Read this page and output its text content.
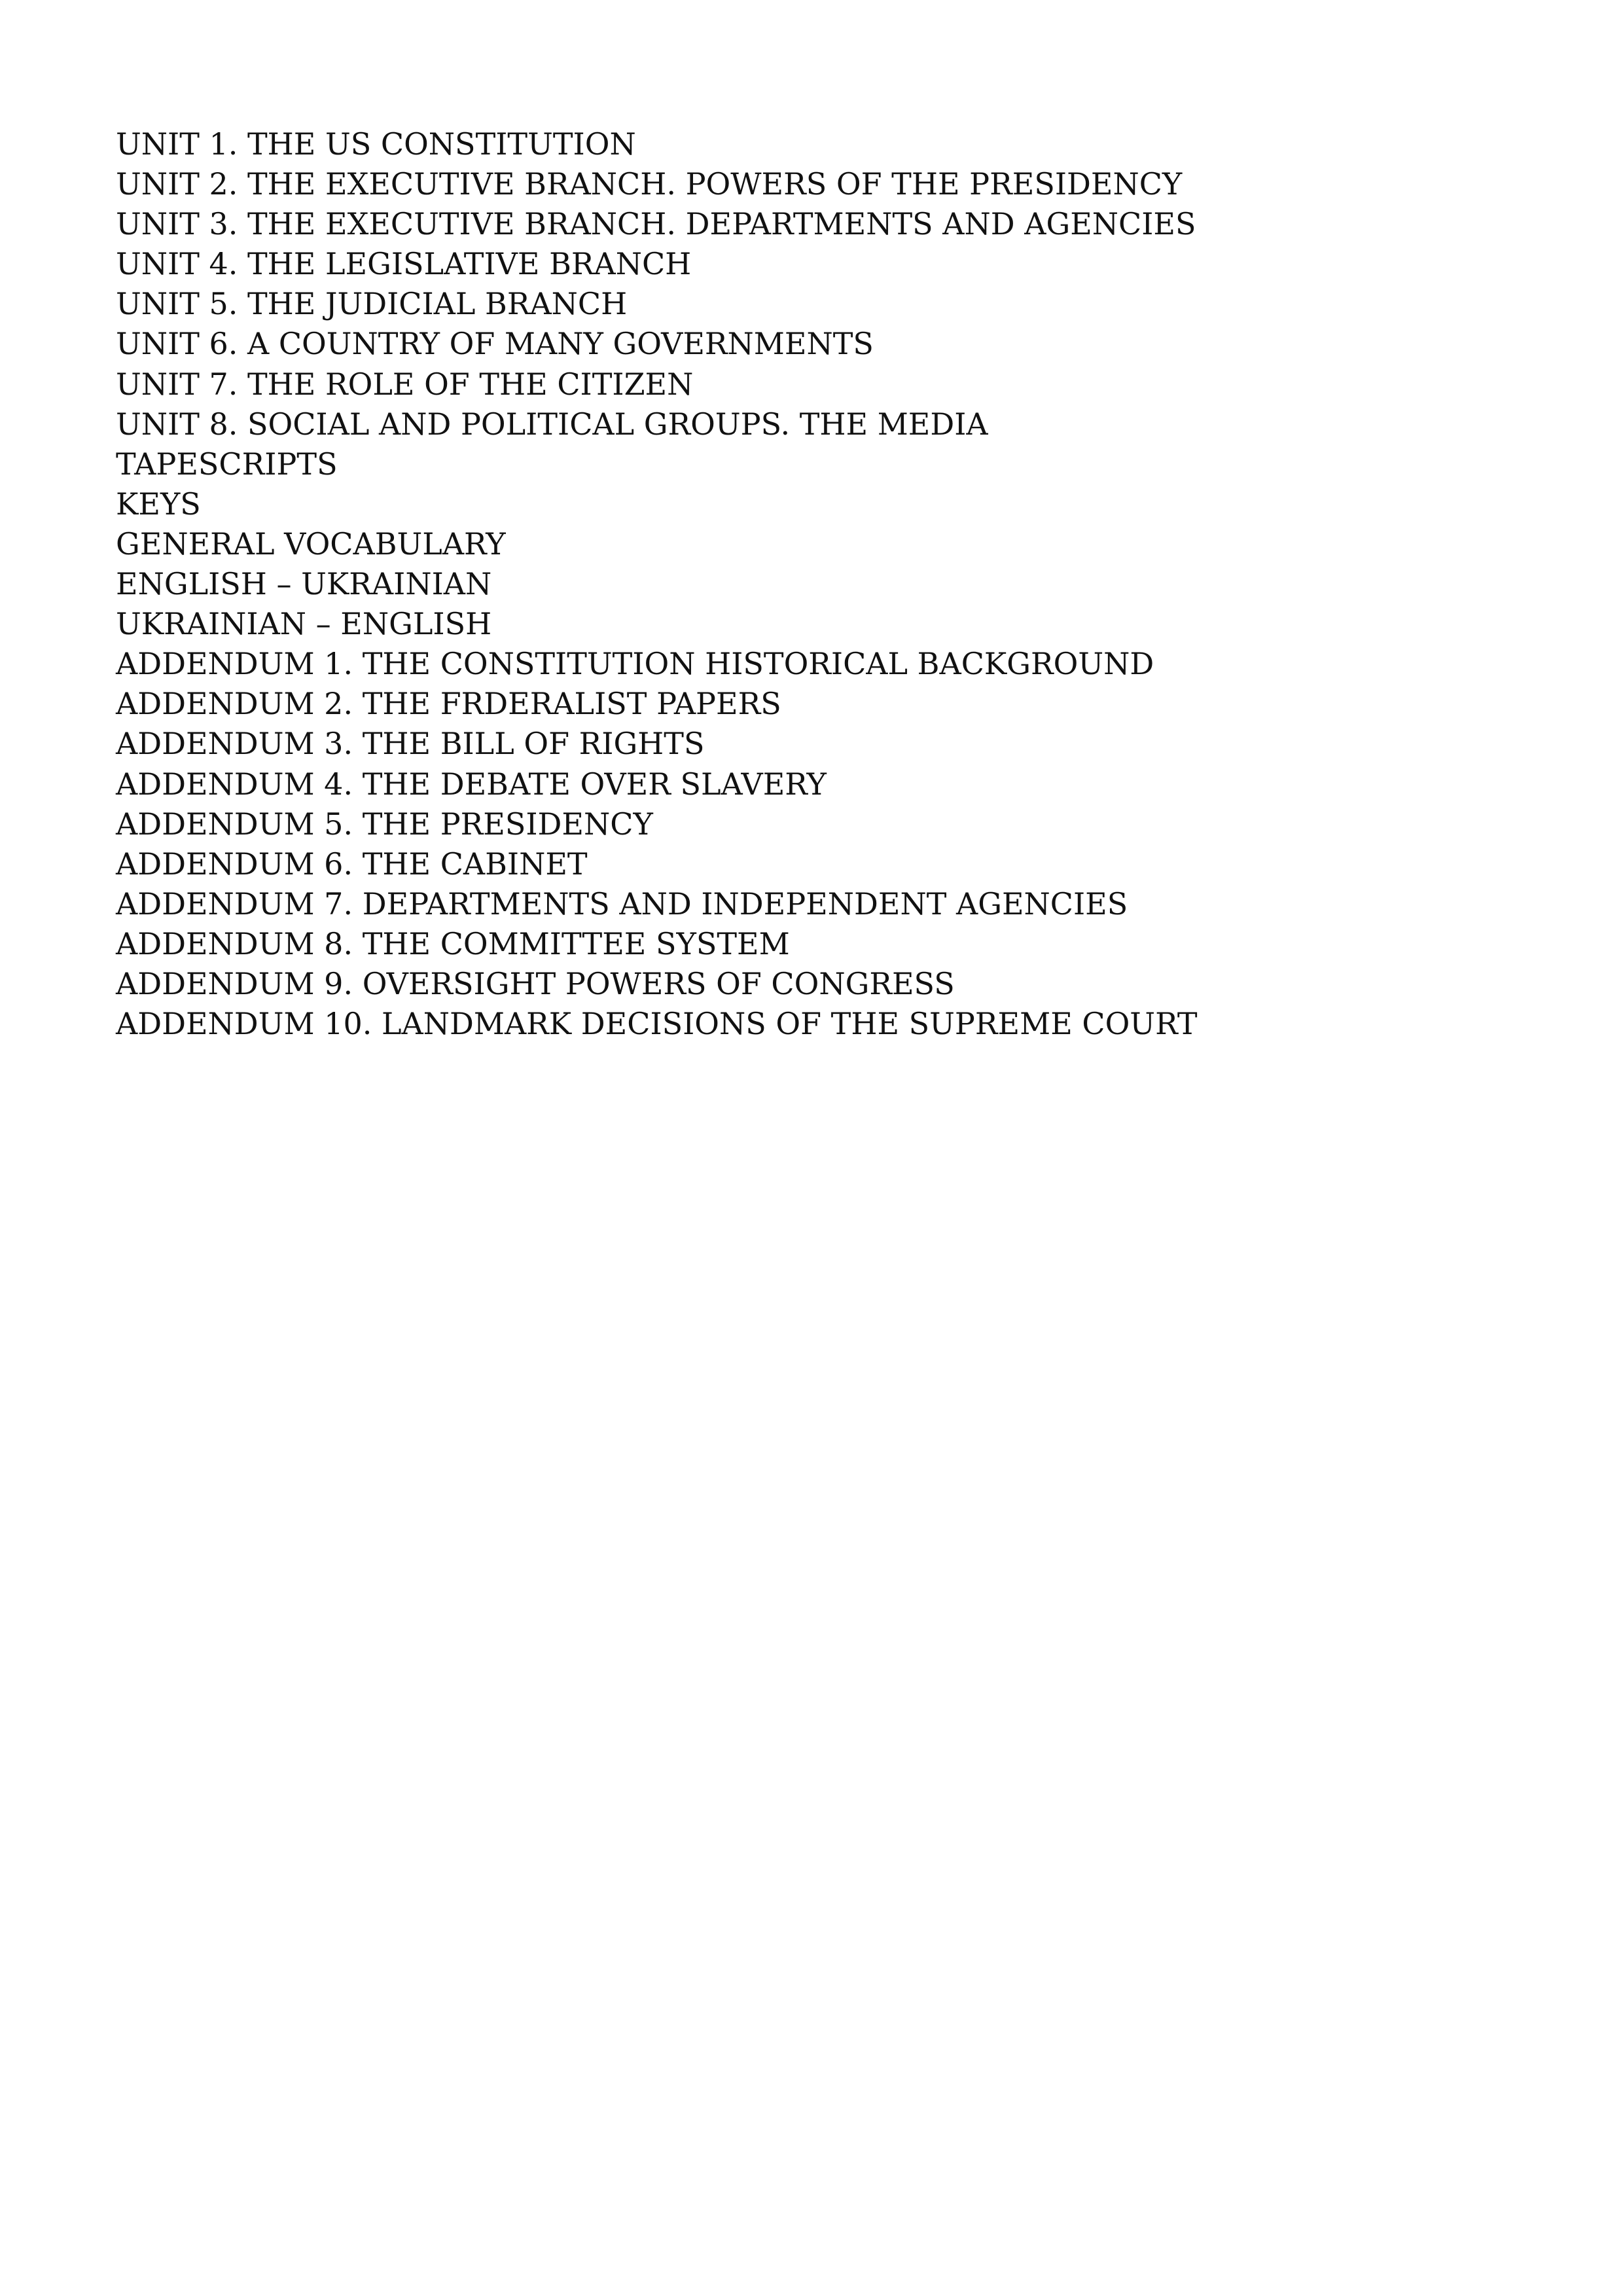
UNIT 1. THE US CONSTITUTION
UNIT 2. THE EXECUTIVE BRANCH. POWERS OF THE PRESIDENCY
UNIT 3. THE EXECUTIVE BRANCH. DEPARTMENTS AND AGENCIES
UNIT 4. THE LEGISLATIVE BRANCH
UNIT 5. THE JUDICIAL BRANCH
UNIT 6. A COUNTRY OF MANY GOVERNMENTS
UNIT 7. THE ROLE OF THE CITIZEN
UNIT 8. SOCIAL AND POLITICAL GROUPS. THE MEDIA
TAPESCRIPTS
KEYS
GENERAL VOCABULARY
ENGLISH – UKRAINIAN
UKRAINIAN – ENGLISH
ADDENDUM 1. THE CONSTITUTION HISTORICAL BACKGROUND
ADDENDUM 2. THE FRDERALIST PAPERS
ADDENDUM 3. THE BILL OF RIGHTS
ADDENDUM 4. THE DEBATE OVER SLAVERY
ADDENDUM 5. THE PRESIDENCY
ADDENDUM 6. THE CABINET
ADDENDUM 7. DEPARTMENTS AND INDEPENDENT AGENCIES
ADDENDUM 8. THE COMMITTEE SYSTEM
ADDENDUM 9. OVERSIGHT POWERS OF CONGRESS
ADDENDUM 10. LANDMARK DECISIONS OF THE SUPREME COURT
